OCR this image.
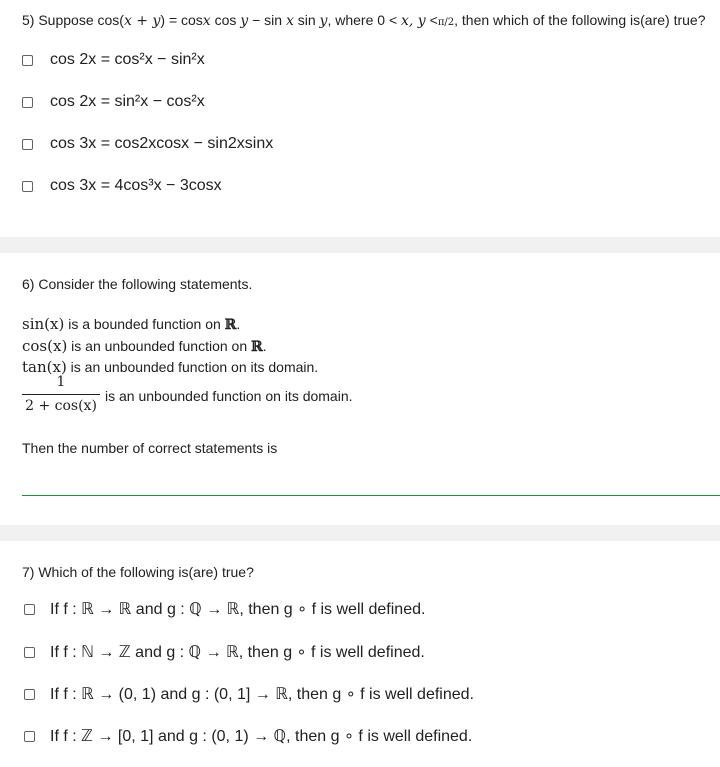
5) Suppose cos(x + y) = cosx cos y − sin x sin y, where 0 < x, y <π/2, then which of the following is(are) true?
cos 2x = cos²x − sin²x
cos 2x = sin²x − cos²x
cos 3x = cos2xcosx − sin2xsinx
cos 3x = 4cos³x − 3cosx
6) Consider the following statements.
sin(x) is a bounded function on ℝ.
cos(x) is an unbounded function on ℝ.
tan(x) is an unbounded function on its domain.
1
2 + cos(x)
is an unbounded function on its domain.
Then the number of correct statements is
7) Which of the following is(are) true?
If f : ℝ → ℝ and g : ℚ → ℝ, then g ∘ f is well defined.
If f : ℕ → ℤ and g : ℚ → ℝ, then g ∘ f is well defined.
If f : ℝ → (0, 1) and g : (0, 1] → ℝ, then g ∘ f is well defined.
If f : ℤ → [0, 1] and g : (0, 1) → ℚ, then g ∘ f is well defined.
